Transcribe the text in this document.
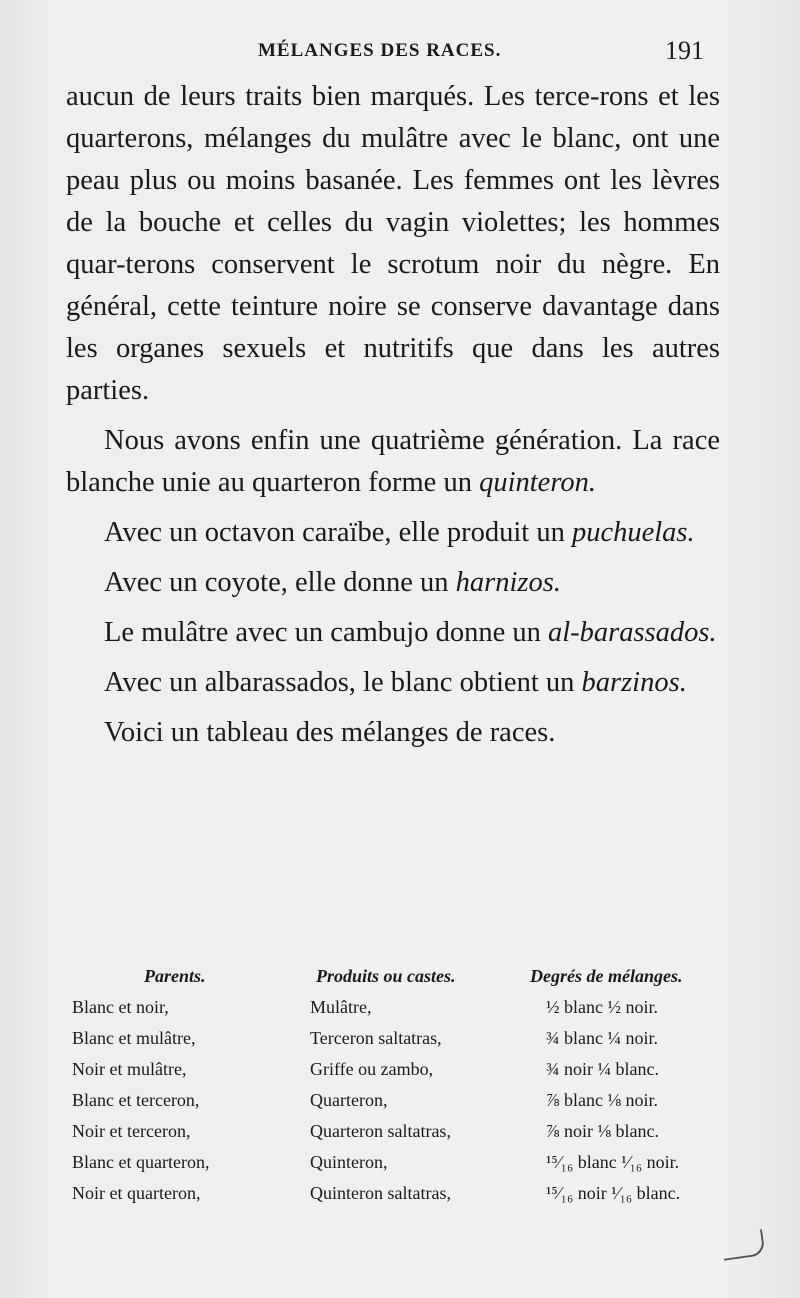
MÉLANGES DES RACES.	191

aucun de leurs traits bien marqués. Les terce-rons et les quarterons, mélanges du mulâtre avec le blanc, ont une peau plus ou moins basanée. Les femmes ont les lèvres de la bouche et celles du vagin violettes; les hommes quar-terons conservent le scrotum noir du nègre. En général, cette teinture noire se conserve davantage dans les organes sexuels et nutritifs que dans les autres parties.

Nous avons enfin une quatrième génération. La race blanche unie au quarteron forme un quinteron.

Avec un octavon caraïbe, elle produit un puchuelas.

Avec un coyote, elle donne un harnizos.

Le mulâtre avec un cambujo donne un al-barassados.

Avec un albarassados, le blanc obtient un barzinos.

Voici un tableau des mélanges de races.

Parents.	Produits ou castes.	Degrés de mélanges.
Blanc et noir,	Mulâtre,	½ blanc ½ noir.
Blanc et mulâtre,	Terceron saltatras,	¾ blanc ¼ noir.
Noir et mulâtre,	Griffe ou zambo,	¾ noir ¼ blanc.
Blanc et terceron,	Quarteron,	⅞ blanc ⅛ noir.
Noir et terceron,	Quarteron saltatras,	⅞ noir ⅛ blanc.
Blanc et quarteron,	Quinteron,	¹⁵⁄₁₆ blanc ¹⁄₁₆ noir.
Noir et quarteron,	Quinteron saltatras,	¹⁵⁄₁₆ noir ¹⁄₁₆ blanc.
